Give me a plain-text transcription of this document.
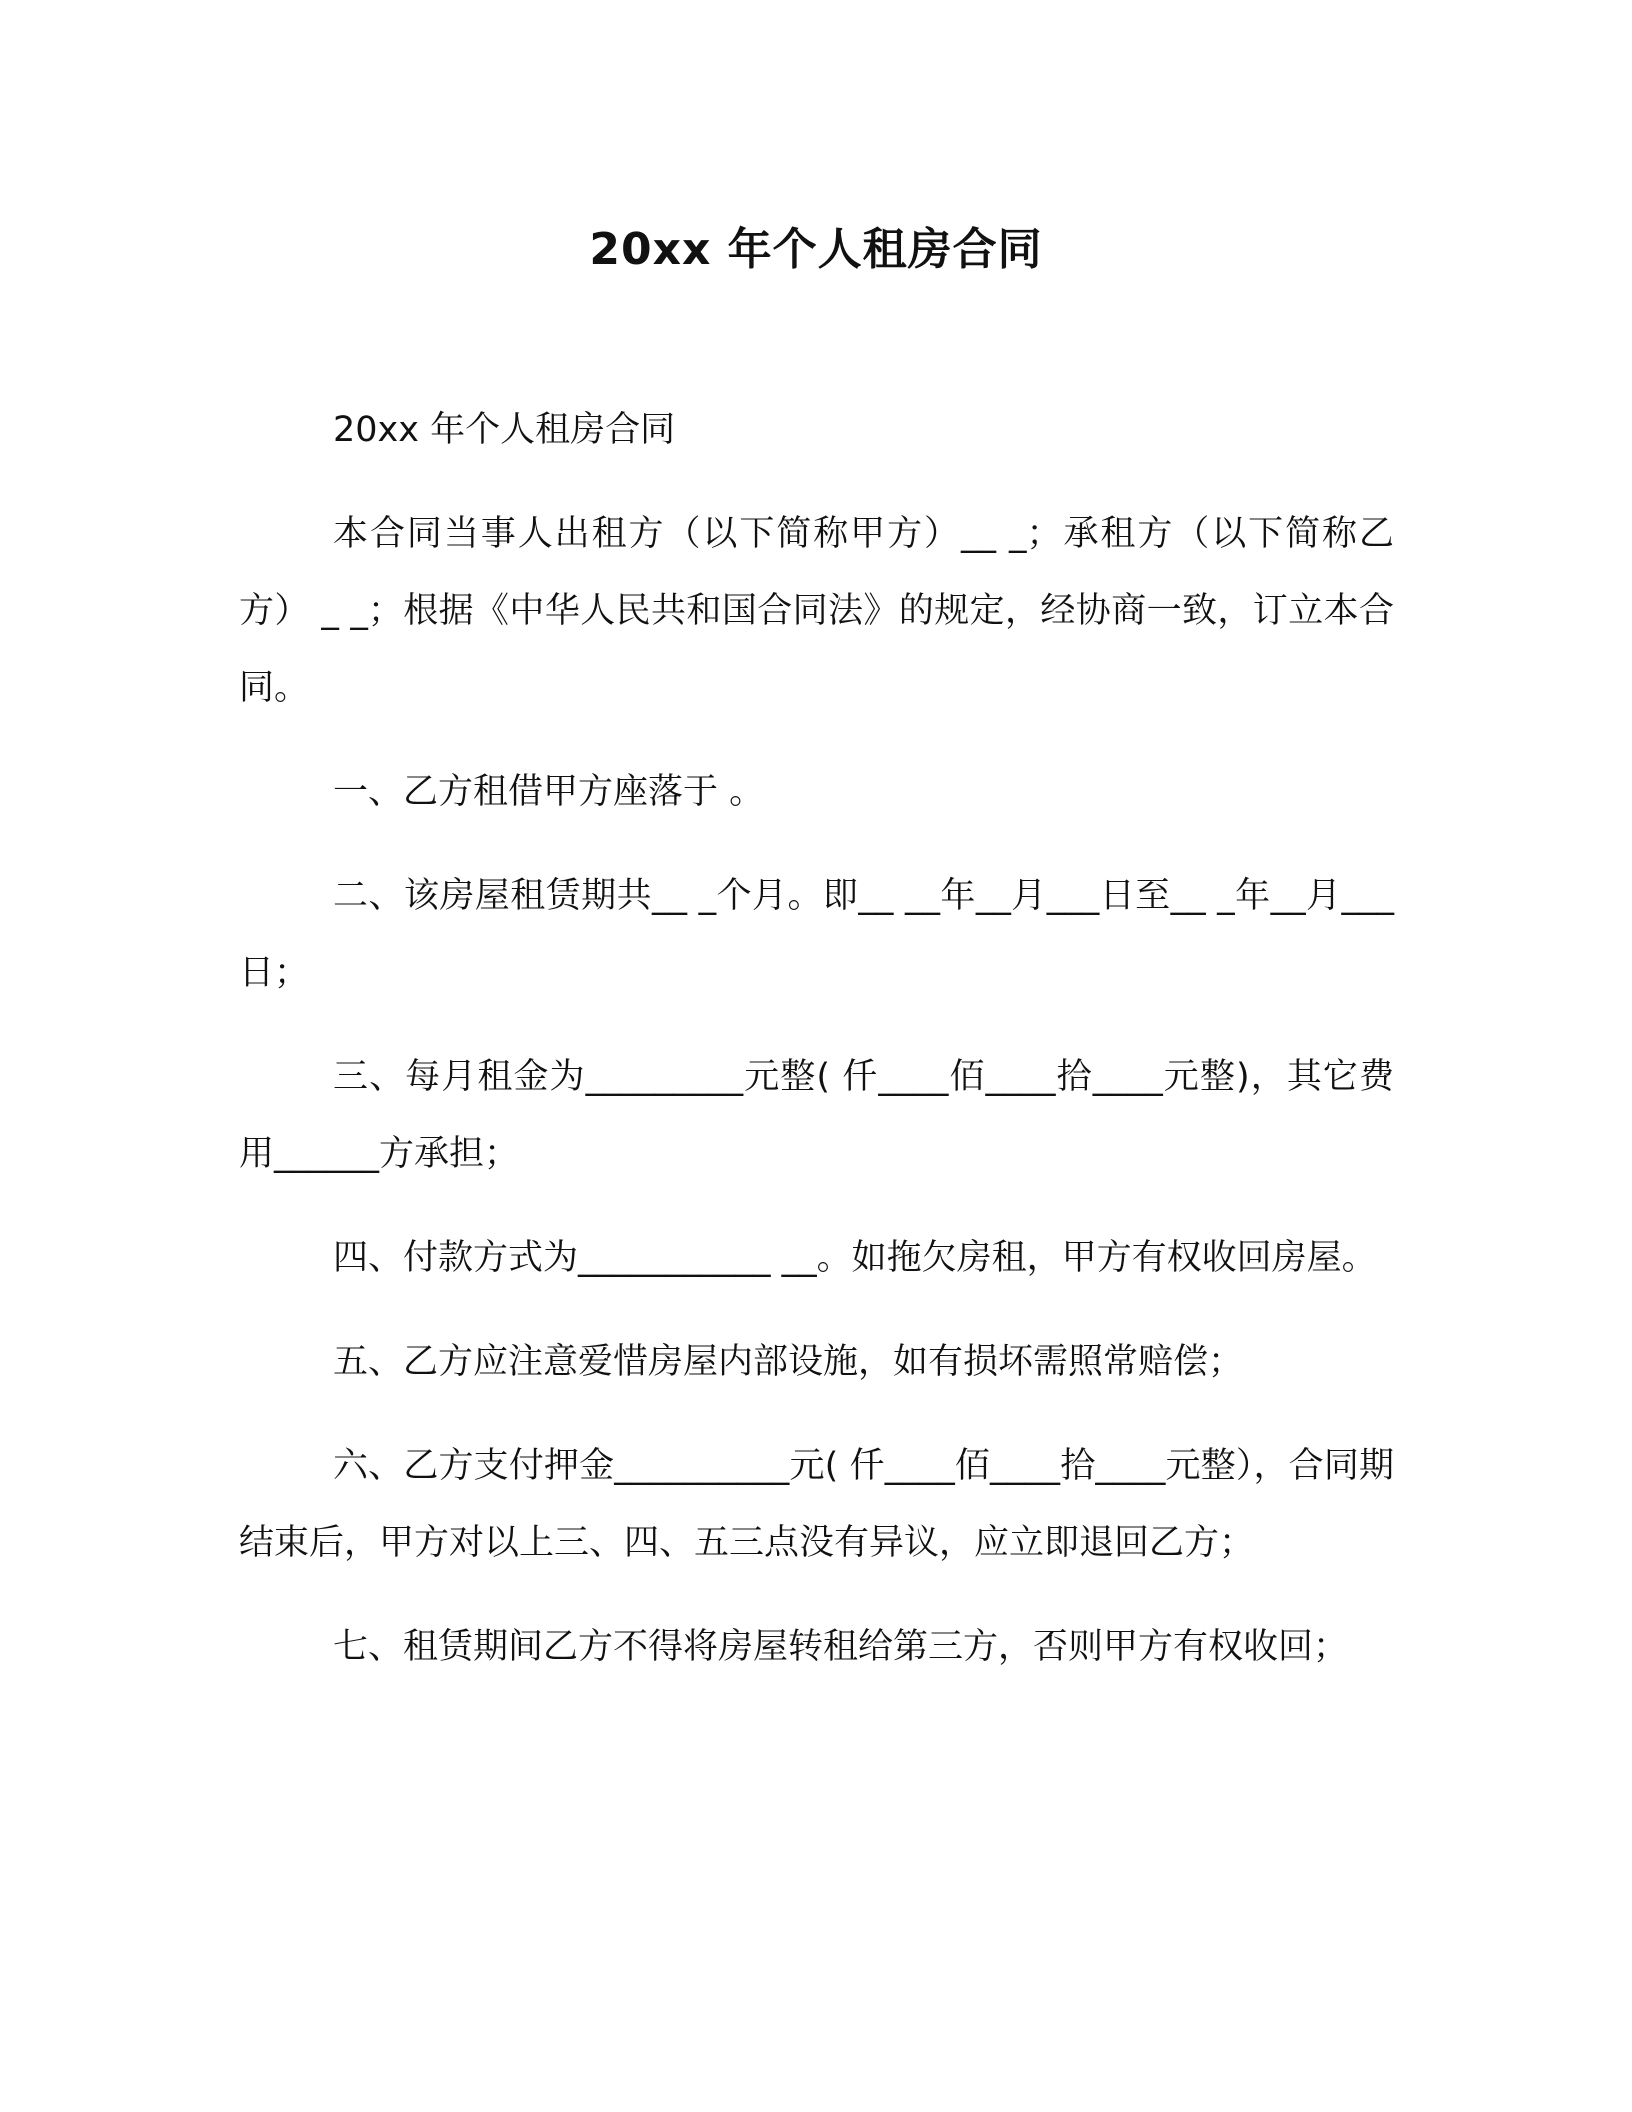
20xx 年个人租房合同

20xx 年个人租房合同

本合同当事人出租方（以下简称甲方）__ _；承租方（以下简称乙方） _ _；根据《中华人民共和国合同法》的规定，经协商一致，订立本合同。

一、乙方租借甲方座落于 。

二、该房屋租赁期共__ _个月。即__ __年__月___日至__ _年__月___日；

三、每月租金为_________元整( 仟____佰____拾____元整)，其它费用______方承担；

四、付款方式为___________ __。如拖欠房租，甲方有权收回房屋。

五、乙方应注意爱惜房屋内部设施，如有损坏需照常赔偿；

六、乙方支付押金__________元( 仟____佰____拾____元整），合同期结束后，甲方对以上三、四、五三点没有异议，应立即退回乙方；

七、租赁期间乙方不得将房屋转租给第三方，否则甲方有权收回；
